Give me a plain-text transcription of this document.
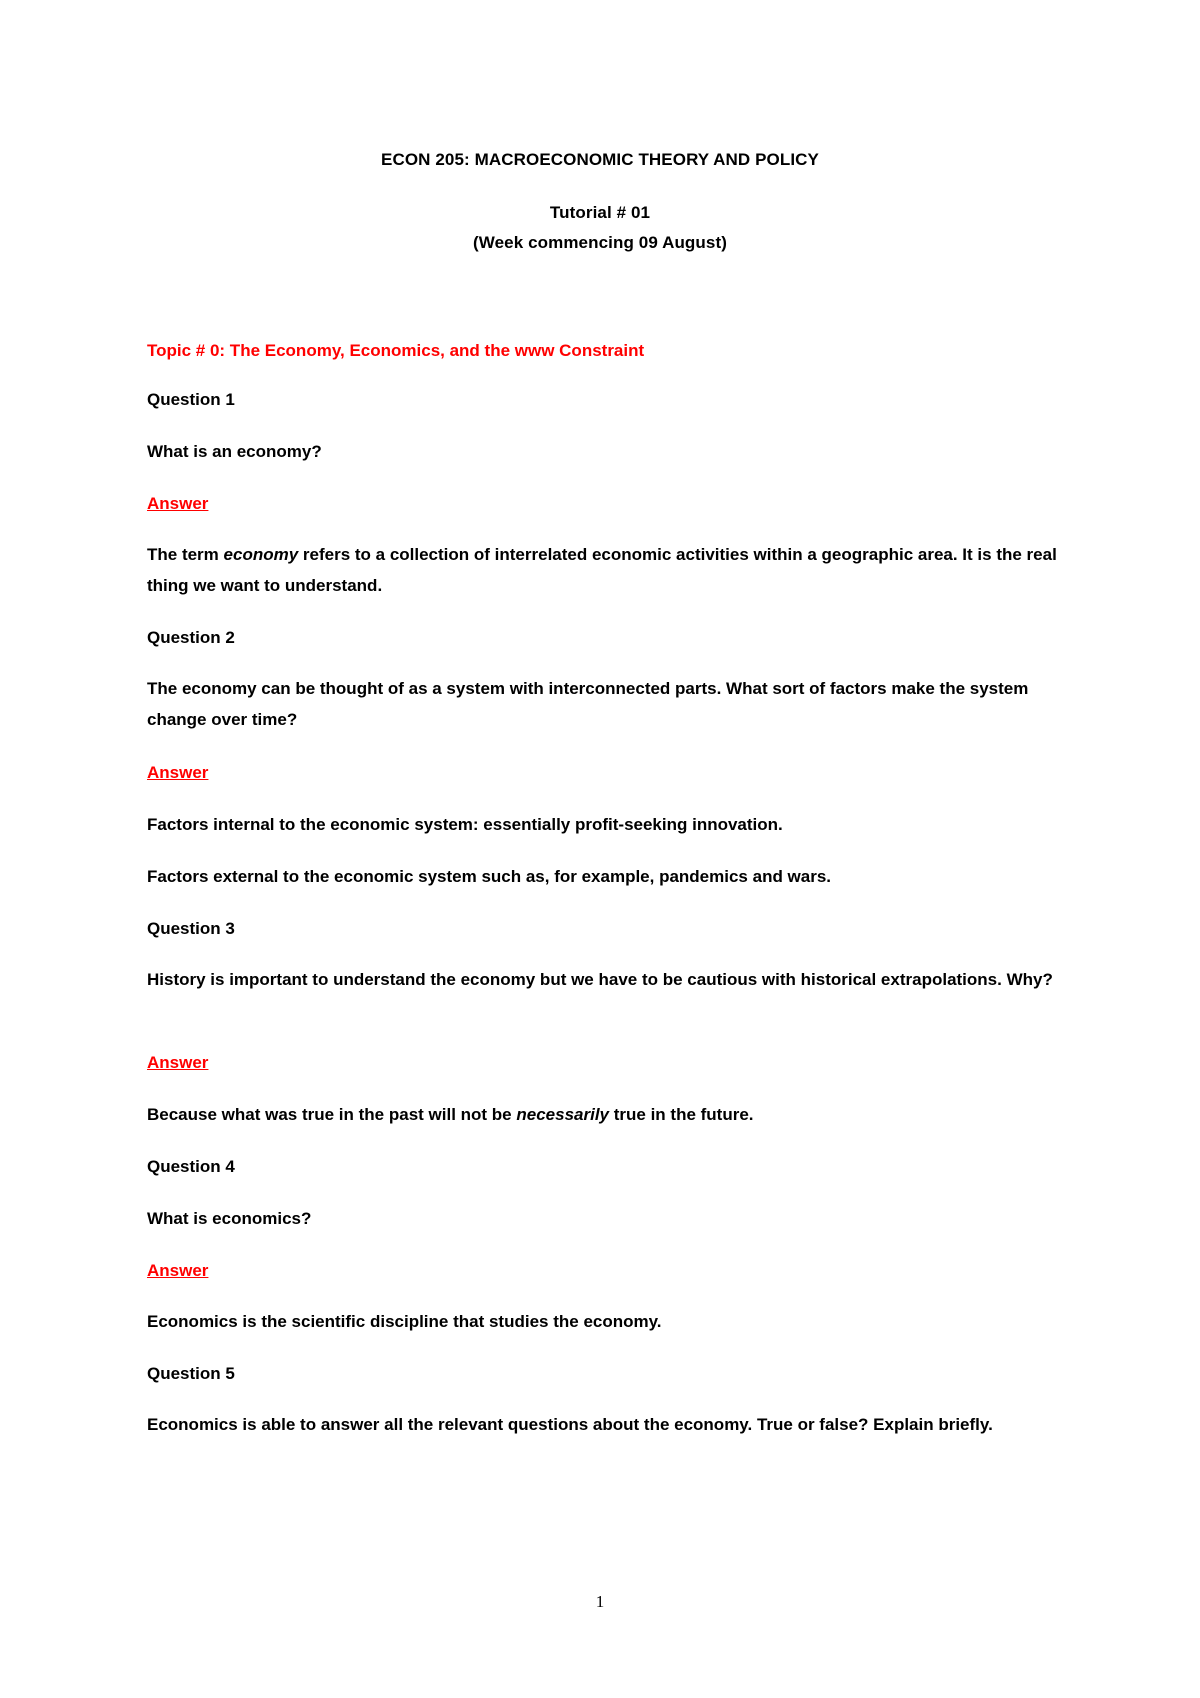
ECON 205: MACROECONOMIC THEORY AND POLICY
Tutorial # 01
(Week commencing 09 August)
Topic # 0: The Economy, Economics, and the www Constraint
Question 1
What is an economy?
Answer
The term economy refers to a collection of interrelated economic activities within a geographic area. It is the real thing we want to understand.
Question 2
The economy can be thought of as a system with interconnected parts. What sort of factors make the system change over time?
Answer
Factors internal to the economic system: essentially profit-seeking innovation.
Factors external to the economic system such as, for example, pandemics and wars.
Question 3
History is important to understand the economy but we have to be cautious with historical extrapolations. Why?
Answer
Because what was true in the past will not be necessarily true in the future.
Question 4
What is economics?
Answer
Economics is the scientific discipline that studies the economy.
Question 5
Economics is able to answer all the relevant questions about the economy. True or false? Explain briefly.
1
